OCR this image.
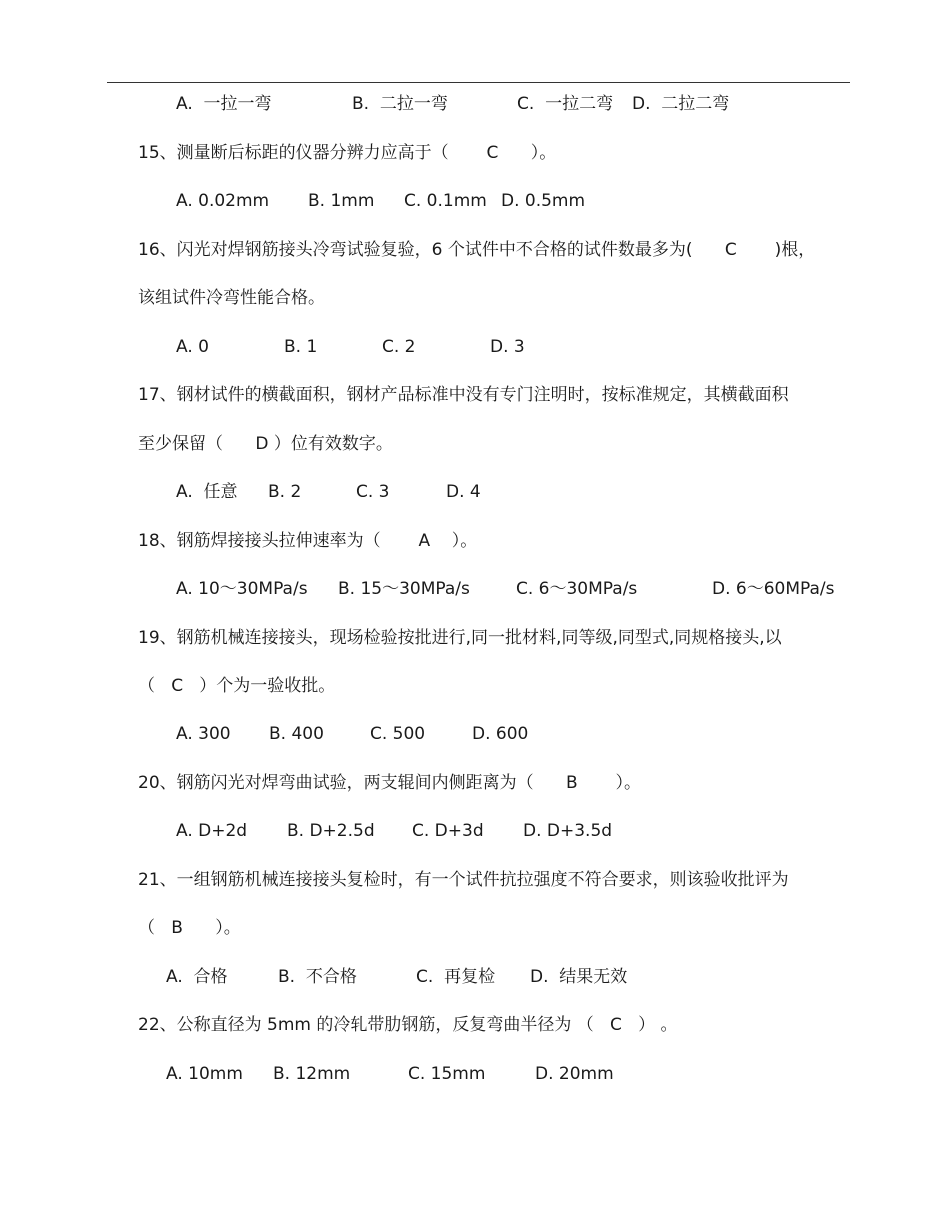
A.  一拉一弯

	B.  二拉一弯

	C.  一拉二弯

D.  二拉二弯

15、测量断后标距的仪器分辨力应高于（       C      ）。

A. 0.02mm

B. 1mm

C. 0.1mm

D. 0.5mm

16、闪光对焊钢筋接头冷弯试验复验，6 个试件中不合格的试件数最多为(      C       )根，
该组试件冷弯性能合格。

A. 0

	B. 1

	C. 2

	D. 3

17、钢材试件的横截面积，钢材产品标准中没有专门注明时，按标准规定，其横截面积
至少保留（      D ）位有效数字。

A.  任意

B. 2

	C. 3

	D. 4

18、钢筋焊接接头拉伸速率为（       A    ）。

A. 10～30MPa/s

B. 15～30MPa/s

	C. 6～30MPa/s

	D. 6～60MPa/s

19、钢筋机械连接接头，现场检验按批进行,同一批材料,同等级,同型式,同规格接头,以
（   C   ）个为一验收批。

A. 300

B. 400

	C. 500

	D. 600

20、钢筋闪光对焊弯曲试验，两支辊间内侧距离为（      B       ）。

A. D+2d

B. D+2.5d

C. D+3d

D. D+3.5d

21、一组钢筋机械连接接头复检时，有一个试件抗拉强度不符合要求，则该验收批评为
（   B      ）。

A.  合格

	B.  不合格

	C.  再复检

D.  结果无效

22、公称直径为 5mm 的冷轧带肋钢筋，反复弯曲半径为 （   C   ） 。

A. 10mm

B. 12mm

	C. 15mm

	D. 20mm
